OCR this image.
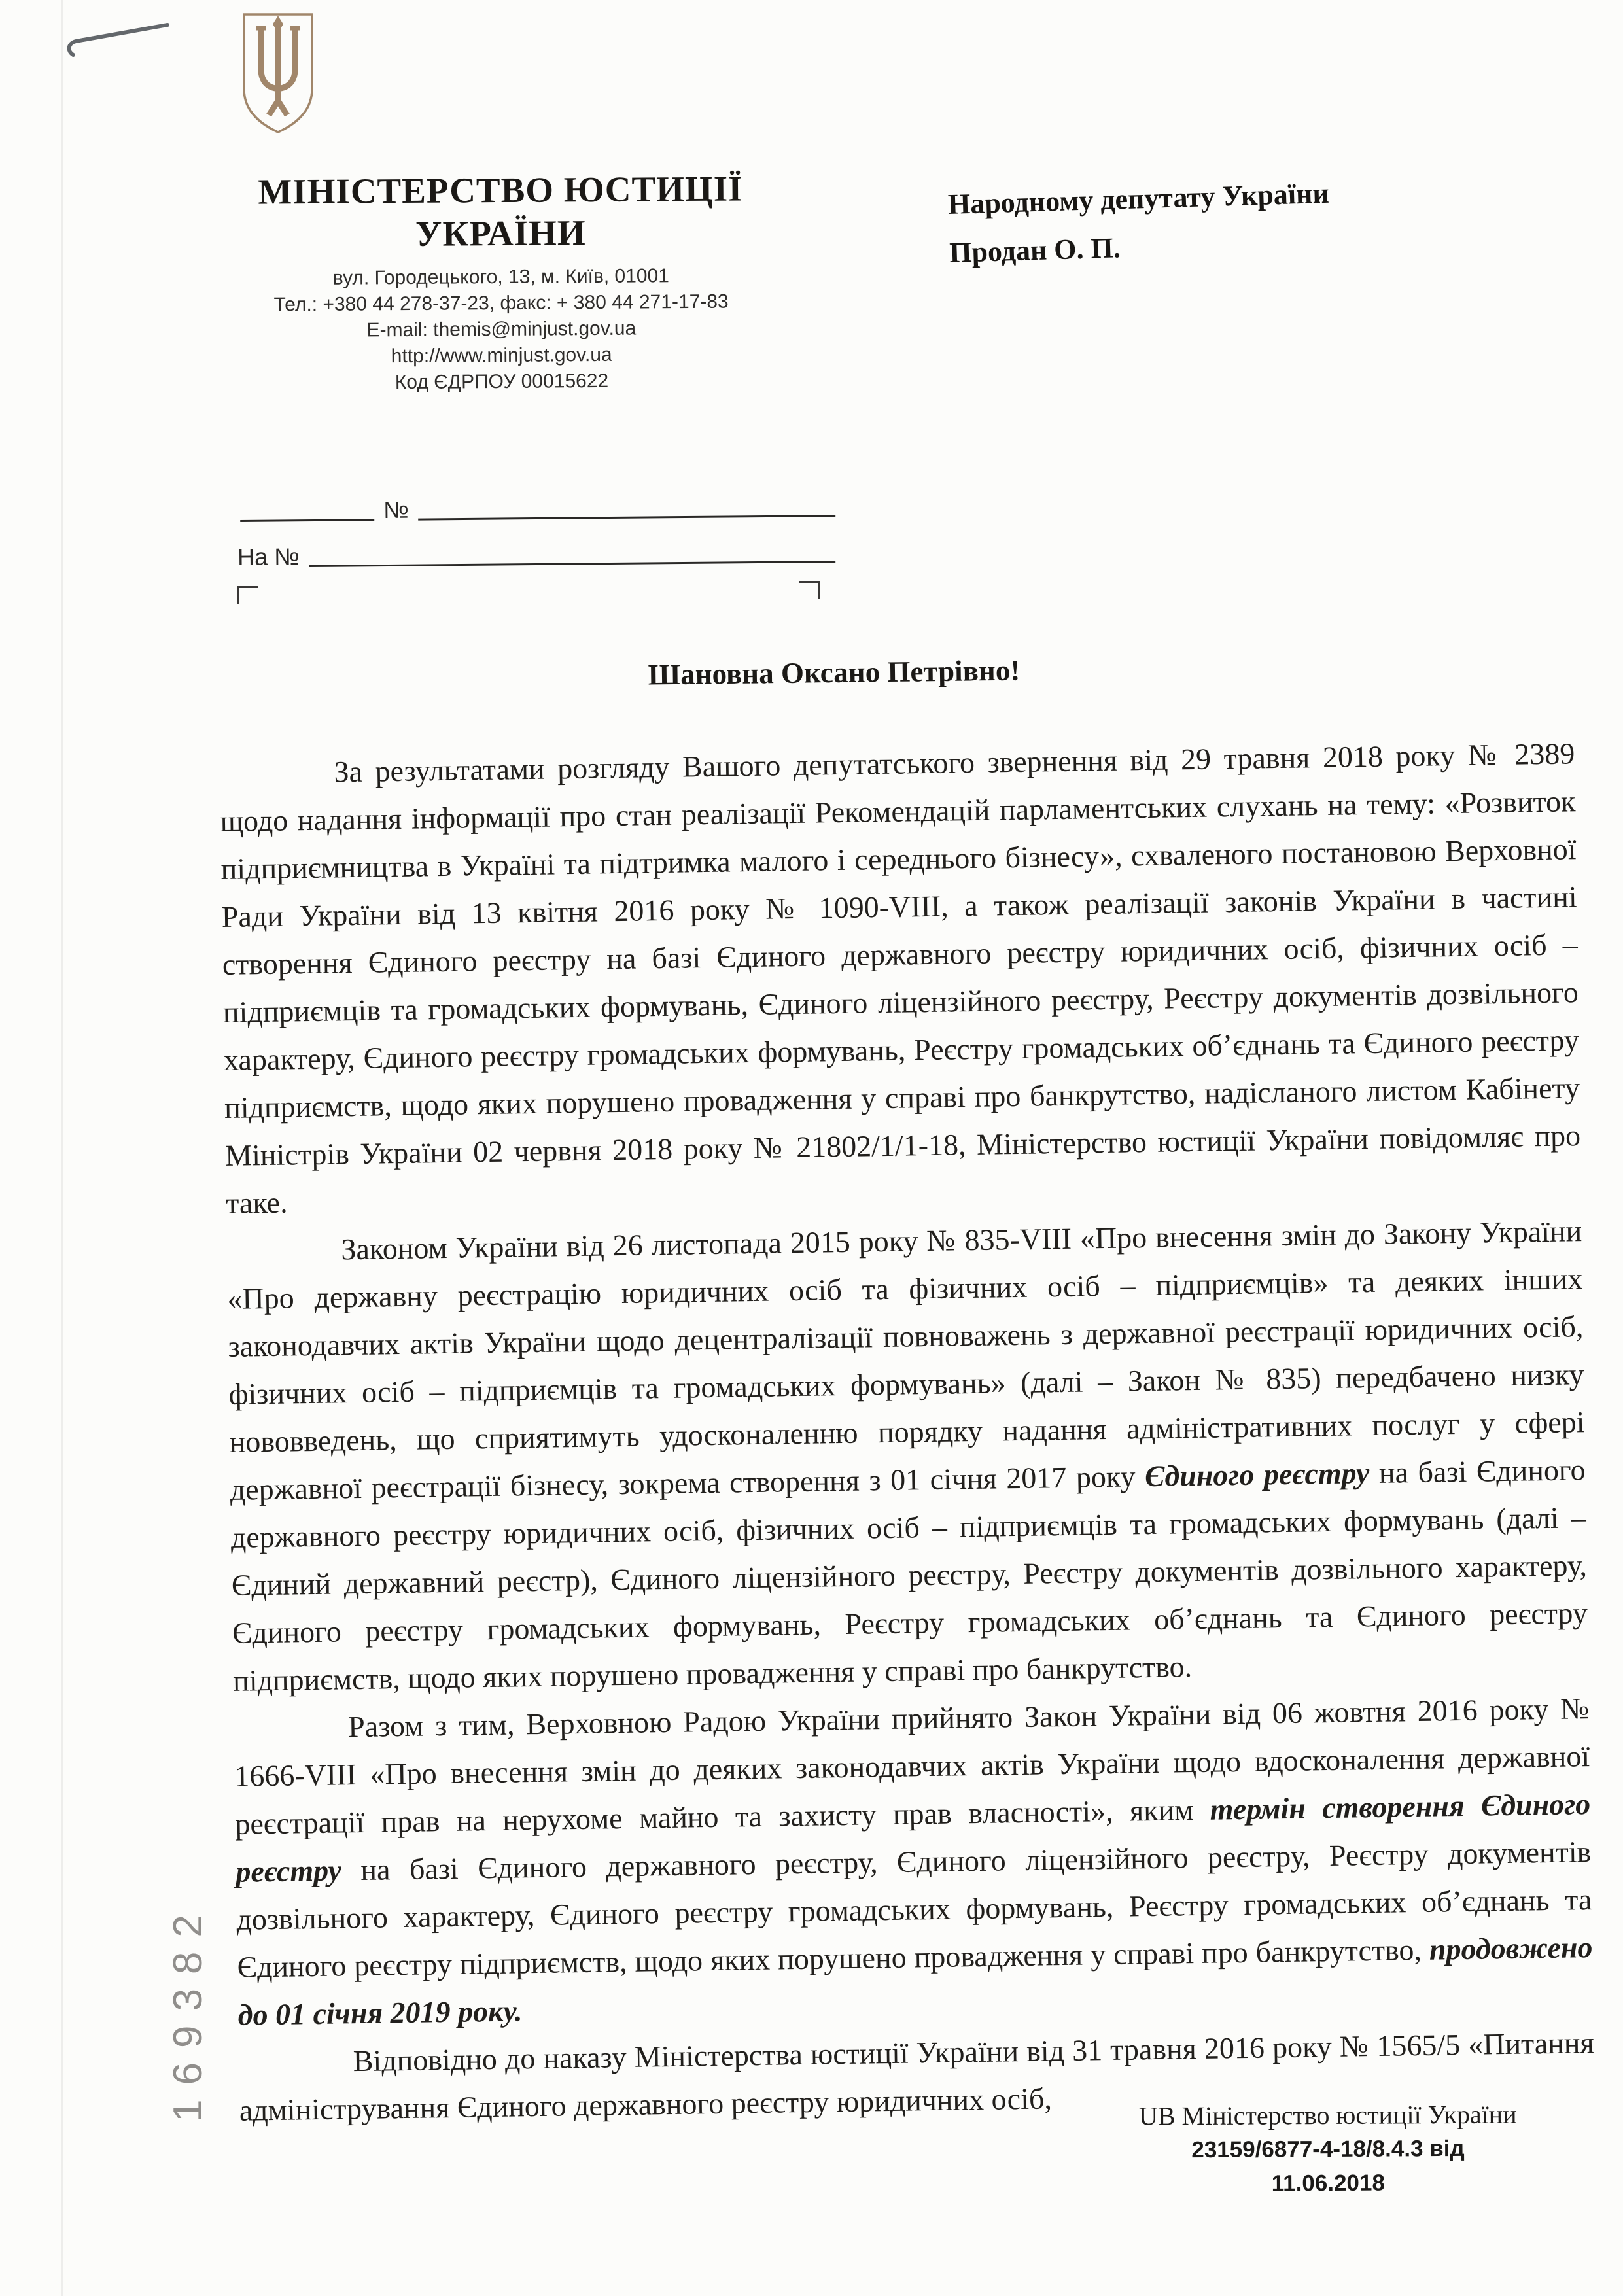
МІНІСТЕРСТВО ЮСТИЦІЇ
УКРАЇНИ
вул. Городецького, 13, м. Київ, 01001
Тел.: +380 44 278-37-23, факс: + 380 44 271-17-83
E-mail: themis@minjust.gov.ua
http://www.minjust.gov.ua
Код ЄДРПОУ 00015622
Народному депутату України
Продан О. П.
№
На №
Шановна Оксано Петрівно!

За результатами розгляду Вашого депутатського звернення від 29 травня 2018 року № 2389 щодо надання інформації про стан реалізації Рекомендацій парламентських слухань на тему: «Розвиток підприємництва в Україні та підтримка малого і середнього бізнесу», схваленого постановою Верховної Ради України від 13 квітня 2016 року № 1090-VIII, а також реалізації законів України в частині створення Єдиного реєстру на базі Єдиного державного реєстру юридичних осіб, фізичних осіб – підприємців та громадських формувань, Єдиного ліцензійного реєстру, Реєстру документів дозвільного характеру, Єдиного реєстру громадських формувань, Реєстру громадських об’єднань та Єдиного реєстру підприємств, щодо яких порушено провадження у справі про банкрутство, надісланого листом Кабінету Міністрів України 02 червня 2018 року № 21802/1/1-18, Міністерство юстиції України повідомляє про таке.

Законом України від 26 листопада 2015 року № 835-VIII «Про внесення змін до Закону України «Про державну реєстрацію юридичних осіб та фізичних осіб – підприємців» та деяких інших законодавчих актів України щодо децентралізації повноважень з державної реєстрації юридичних осіб, фізичних осіб – підприємців та громадських формувань» (далі – Закон № 835) передбачено низку нововведень, що сприятимуть удосконаленню порядку надання адміністративних послуг у сфері державної реєстрації бізнесу, зокрема створення з 01 січня 2017 року Єдиного реєстру на базі Єдиного державного реєстру юридичних осіб, фізичних осіб – підприємців та громадських формувань (далі – Єдиний державний реєстр), Єдиного ліцензійного реєстру, Реєстру документів дозвільного характеру, Єдиного реєстру громадських формувань, Реєстру громадських об’єднань та Єдиного реєстру підприємств, щодо яких порушено провадження у справі про банкрутство.

Разом з тим, Верховною Радою України прийнято Закон України від 06 жовтня 2016 року № 1666-VIII «Про внесення змін до деяких законодавчих актів України щодо вдосконалення державної реєстрації прав на нерухоме майно та захисту прав власності», яким термін створення Єдиного реєстру на базі Єдиного державного реєстру, Єдиного ліцензійного реєстру, Реєстру документів дозвільного характеру, Єдиного реєстру громадських формувань, Реєстру громадських об’єднань та Єдиного реєстру підприємств, щодо яких порушено провадження у справі про банкрутство, продовжено до 01 січня 2019 року.

Відповідно до наказу Міністерства юстиції України від 31 травня 2016 року № 1565/5 «Питання адміністрування Єдиного державного реєстру юридичних осіб,

169382	UB Міністерство юстиції України
23159/6877-4-18/8.4.3 від
11.06.2018
